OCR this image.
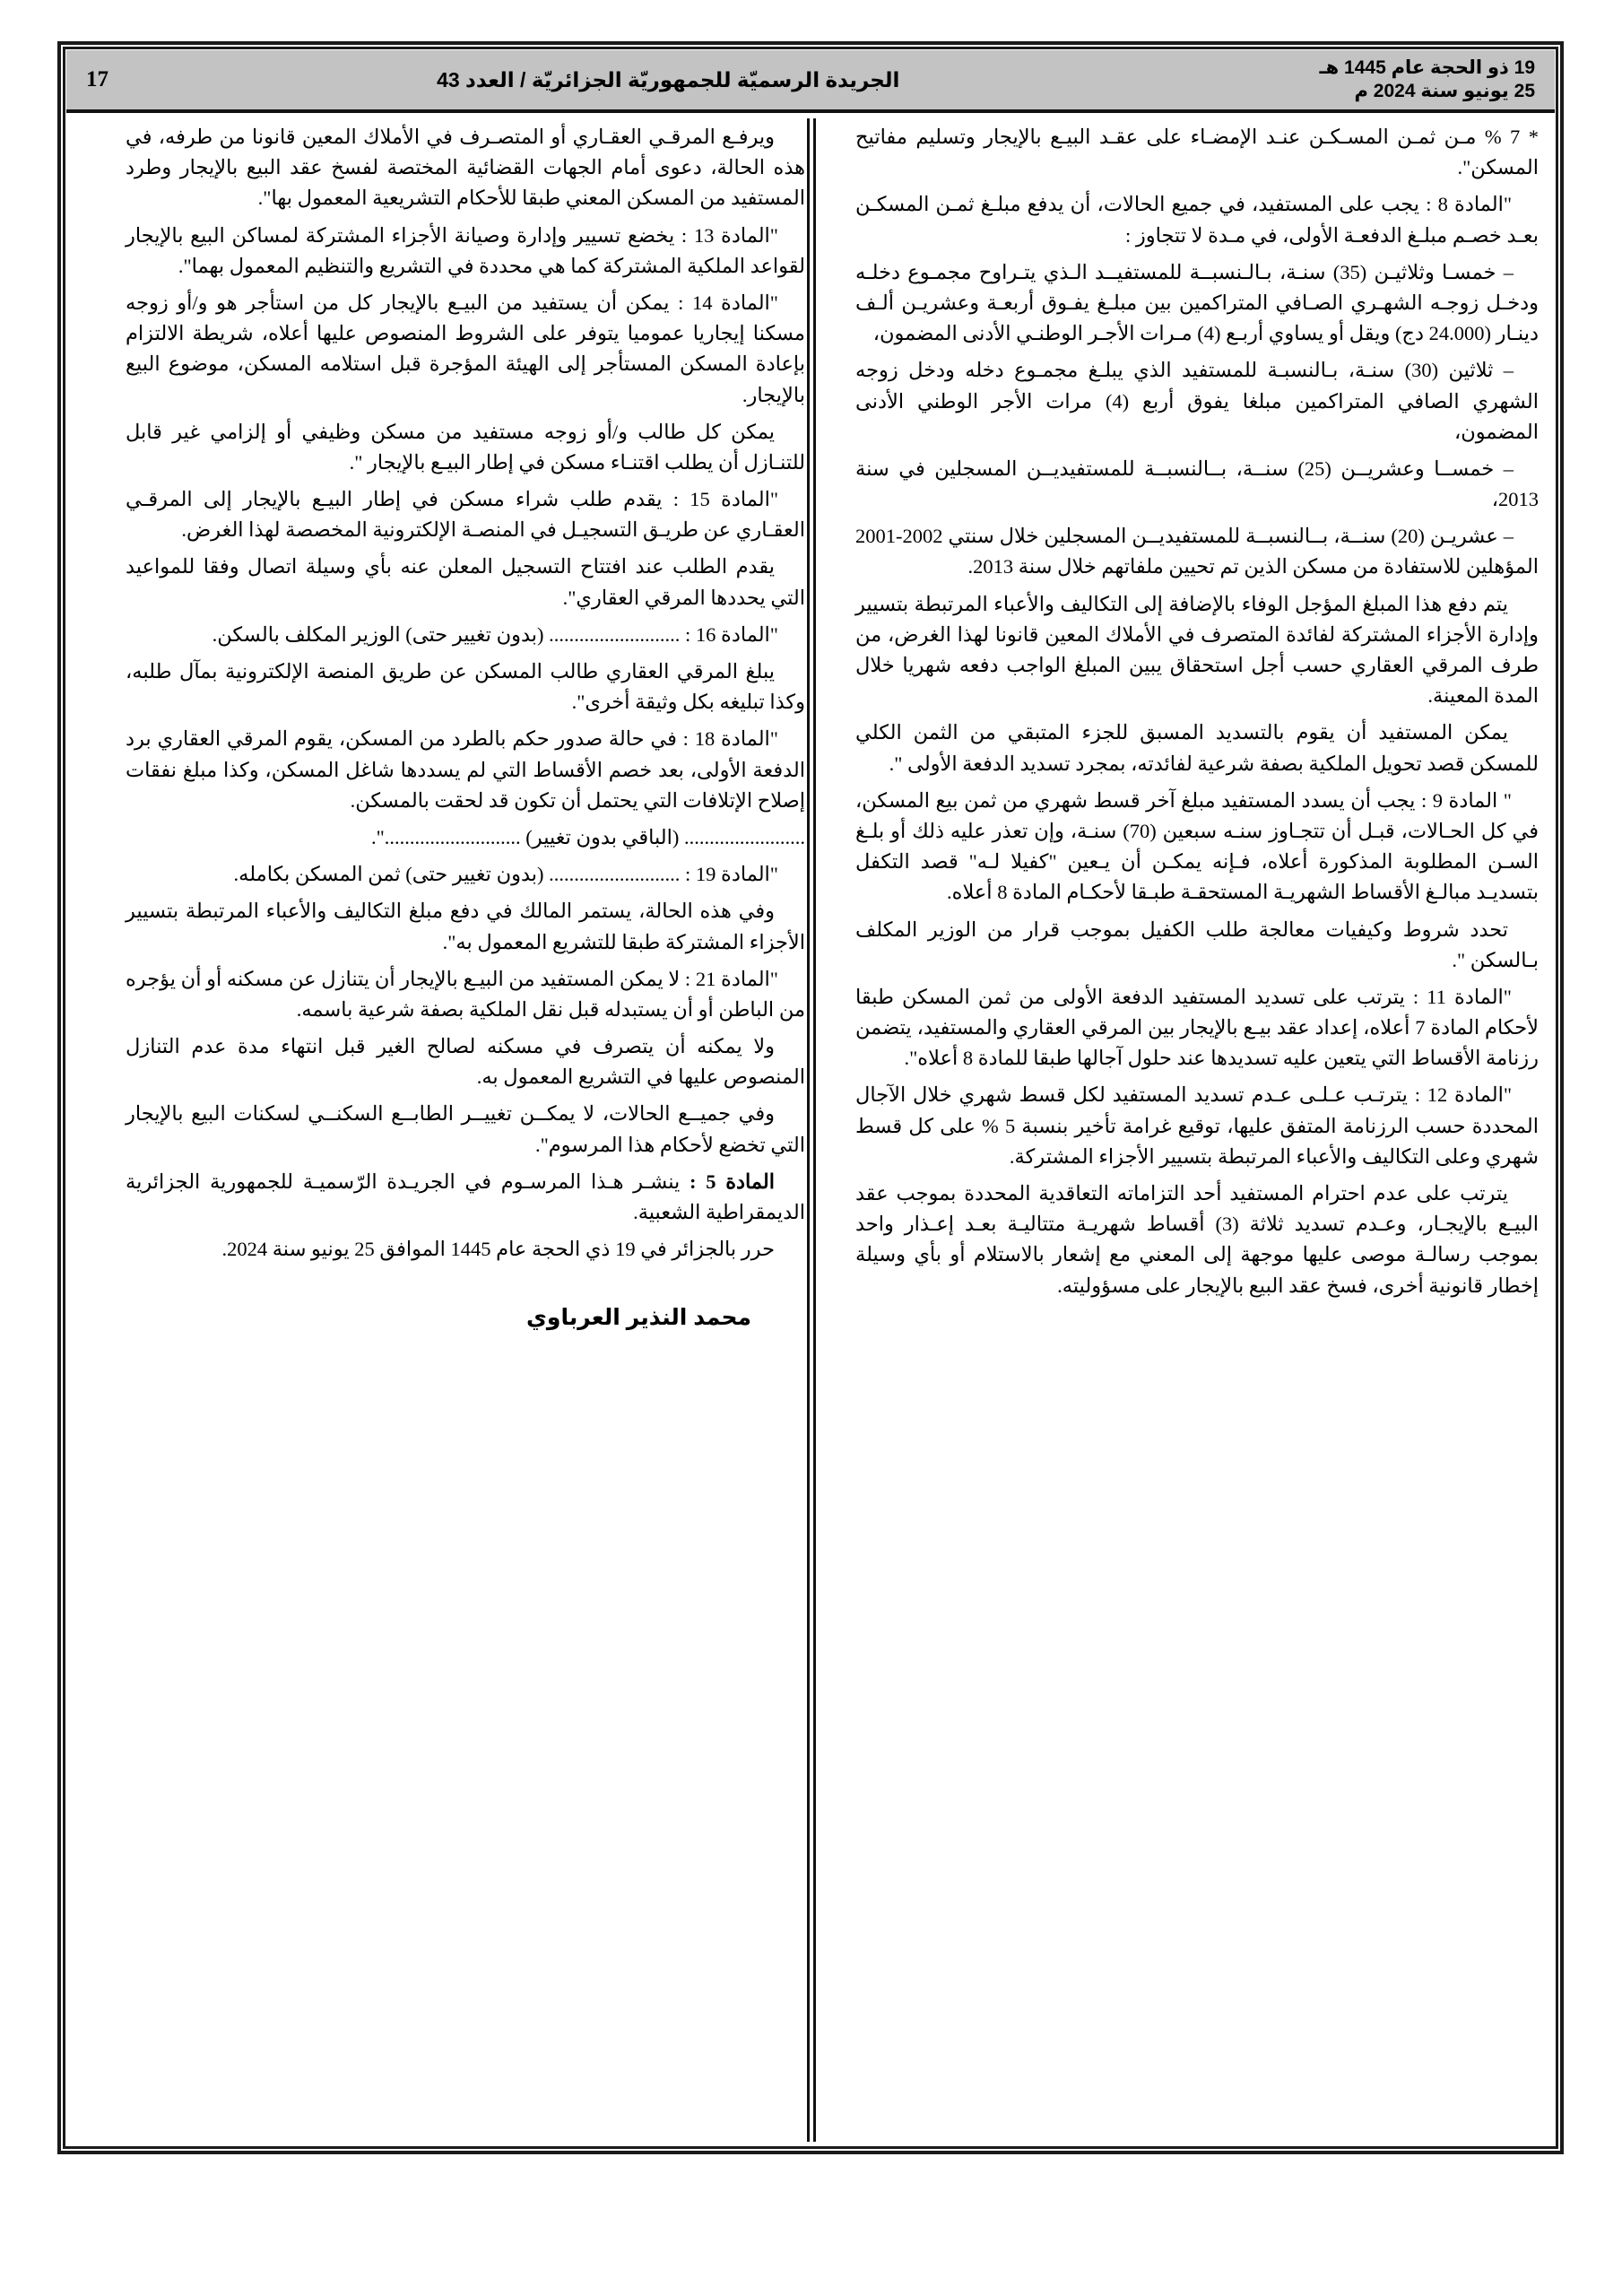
19 ذو الحجة عام 1445 هـ
25 يونيو سنة 2024 م
الجريدة الرسميّة للجمهوريّة الجزائريّة / العدد 43
17

* 7 % مـن ثمـن المسـكـن عنـد الإمضـاء على عقـد البيـع بالإيجار وتسليم مفاتيح المسكن".

"المادة 8 : يجب على المستفيد، في جميع الحالات، أن يدفع مبلـغ ثمـن المسكـن بعـد خصـم مبلـغ الدفعـة الأولى، في مـدة لا تتجاوز :

– خمسـا وثلاثيـن (35) سنـة، بـالـنسبــة للمستفيــد الـذي يتـراوح مجمـوع دخلـه ودخـل زوجـه الشهـري الصـافي المتراكمين بين مبلـغ يفـوق أربعـة وعشريـن ألـف دينـار (24.000 دج) ويقل أو يساوي أربـع (4) مـرات الأجـر الوطنـي الأدنى المضمون،

– ثلاثين (30) سنـة، بـالنسبـة للمستفيد الذي يبلـغ مجمـوع دخله ودخل زوجه الشهري الصافي المتراكمين مبلغا يفوق أربع (4) مرات الأجر الوطني الأدنى المضمون،

– خمســا وعشريــن (25) سنــة، بــالنسبــة للمستفيديــن المسجلين في سنة 2013،

– عشريـن (20) سنــة، بــالنسبــة للمستفيديــن المسجلين خلال سنتي 2002-2001 المؤهلين للاستفادة من مسكن الذين تم تحيين ملفاتهم خلال سنة 2013.

يتم دفع هذا المبلغ المؤجل الوفاء بالإضافة إلى التكاليف والأعباء المرتبطة بتسيير وإدارة الأجزاء المشتركة لفائدة المتصرف في الأملاك المعين قانونا لهذا الغرض، من طرف المرقي العقاري حسب أجل استحقاق يبين المبلغ الواجب دفعه شهريا خلال المدة المعينة.

يمكن المستفيد أن يقوم بالتسديد المسبق للجزء المتبقي من الثمن الكلي للمسكن قصد تحويل الملكية بصفة شرعية لفائدته، بمجرد تسديد الدفعة الأولى ".

" المادة 9 : يجب أن يسدد المستفيد مبلغ آخر قسط شهري من ثمن بيع المسكن، في كل الحـالات، قبـل أن تتجـاوز سنـه سبعين (70) سنـة، وإن تعذر عليه ذلك أو بلـغ السـن المطلوبة المذكورة أعلاه، فـإنه يمكـن أن يـعين "كفيلا لـه" قصد التكفل بتسديـد مبالـغ الأقساط الشهريـة المستحقـة طبـقا لأحكـام المادة 8 أعلاه.

تحدد شروط وكيفيات معالجة طلب الكفيل بموجب قرار من الوزير المكلف بـالسكن ".

"المادة 11 : يترتب على تسديد المستفيد الدفعة الأولى من ثمن المسكن طبقا لأحكام المادة 7 أعلاه، إعداد عقد بيـع بالإيجار بين المرقي العقاري والمستفيد، يتضمن رزنامة الأقساط التي يتعين عليه تسديدها عند حلول آجالها طبقا للمادة 8 أعلاه".

"المادة 12 : يترتـب عـلـى عـدم تسديد المستفيد لكل قسط شهري خلال الآجال المحددة حسب الرزنامة المتفق عليها، توقيع غرامة تأخير بنسبة 5 % على كل قسط شهري وعلى التكاليف والأعباء المرتبطة بتسيير الأجزاء المشتركة.

يترتب على عدم احترام المستفيد أحد التزاماته التعاقدية المحددة بموجب عقد البيـع بالإيجـار، وعـدم تسديد ثلاثة (3) أقساط شهريـة متتاليـة بعـد إعـذار واحد بموجب رسالـة موصى عليها موجهة إلى المعني مع إشعار بالاستلام أو بأي وسيلة إخطار قانونية أخرى، فسخ عقد البيع بالإيجار على مسؤوليته.

ويرفـع المرقـي العقـاري أو المتصـرف في الأملاك المعين قانونا من طرفه، في هذه الحالة، دعوى أمام الجهات القضائية المختصة لفسخ عقد البيع بالإيجار وطرد المستفيد من المسكن المعني طبقا للأحكام التشريعية المعمول بها".

"المادة 13 : يخضع تسيير وإدارة وصيانة الأجزاء المشتركة لمساكن البيع بالإيجار لقواعد الملكية المشتركة كما هي محددة في التشريع والتنظيم المعمول بهما".

"المادة 14 : يمكن أن يستفيد من البيـع بالإيجار كل من استأجر هو و/أو زوجه مسكنا إيجاريا عموميا يتوفر على الشروط المنصوص عليها أعلاه، شريطة الالتزام بإعادة المسكن المستأجر إلى الهيئة المؤجرة قبل استلامه المسكن، موضوع البيع بالإيجار.

يمكن كل طالب و/أو زوجه مستفيد من مسكن وظيفي أو إلزامي غير قابل للتنـازل أن يطلب اقتنـاء مسكن في إطار البيـع بالإيجار ".

"المادة 15 : يقدم طلب شراء مسكن في إطار البيـع بالإيجار إلى المرقـي العقـاري عن طريـق التسجيـل في المنصـة الإلكترونية المخصصة لهذا الغرض.

يقدم الطلب عند افتتاح التسجيل المعلن عنه بأي وسيلة اتصال وفقا للمواعيد التي يحددها المرقي العقاري".

"المادة 16 : .......................... (بدون تغيير حتى) الوزير المكلف بالسكن.

يبلغ المرقي العقاري طالب المسكن عن طريق المنصة الإلكترونية بمآل طلبه، وكذا تبليغه بكل وثيقة أخرى".

"المادة 18 : في حالة صدور حكم بالطرد من المسكن، يقوم المرقي العقاري برد الدفعة الأولى، بعد خصم الأقساط التي لم يسددها شاغل المسكن، وكذا مبلغ نفقات إصلاح الإتلافات التي يحتمل أن تكون قد لحقت بالمسكن.

........................ (الباقي بدون تغيير) ...........................".

"المادة 19 : .......................... (بدون تغيير حتى) ثمن المسكن بكامله.

وفي هذه الحالة، يستمر المالك في دفع مبلغ التكاليف والأعباء المرتبطة بتسيير الأجزاء المشتركة طبقا للتشريع المعمول به".

"المادة 21 : لا يمكن المستفيد من البيـع بالإيجار أن يتنازل عن مسكنه أو أن يؤجره من الباطن أو أن يستبدله قبل نقل الملكية بصفة شرعية باسمه.

ولا يمكنه أن يتصرف في مسكنه لصالح الغير قبل انتهاء مدة عدم التنازل المنصوص عليها في التشريع المعمول به.

وفي جميــع الحالات، لا يمكــن تغييــر الطابــع السكنــي لسكنات البيع بالإيجار التي تخضع لأحكام هذا المرسوم".

المادة 5 : ينشـر هـذا المرسـوم في الجريـدة الرّسميـة للجمهورية الجزائرية الديمقراطية الشعبية.

حرر بالجزائر في 19 ذي الحجة عام 1445 الموافق 25 يونيو سنة 2024.

محمد النذير العرباوي
